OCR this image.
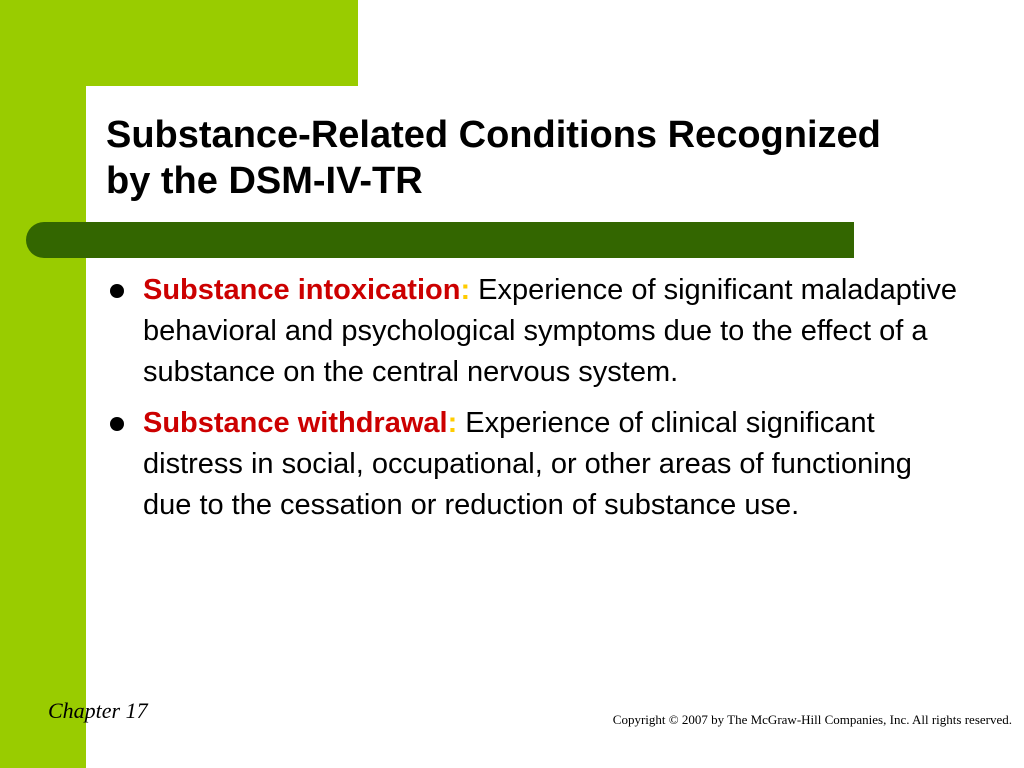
Substance-Related Conditions Recognized
by the DSM-IV-TR
Substance intoxication: Experience of significant maladaptive behavioral and psychological symptoms due to the effect of a substance on the central nervous system.
Substance withdrawal: Experience of clinical significant distress in social, occupational, or other areas of functioning due to the cessation or reduction of substance use.
Chapter 17	Copyright © 2007 by The McGraw-Hill Companies, Inc. All rights reserved.
